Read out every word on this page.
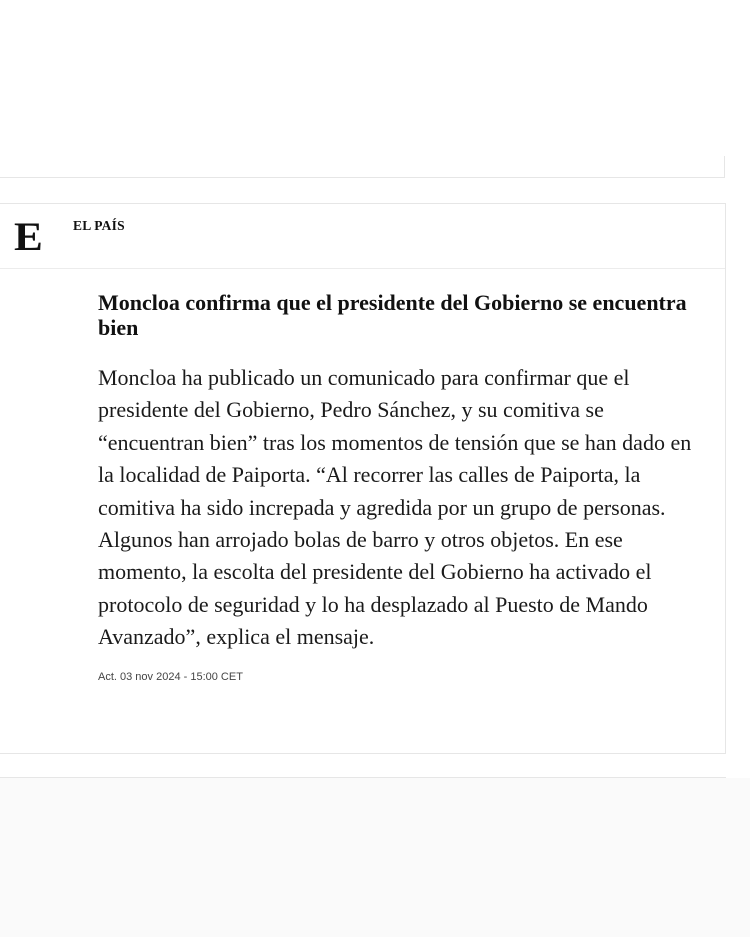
E	EL PAÍS
Moncloa confirma que el presidente del Gobierno se encuentra bien

Moncloa ha publicado un comunicado para confirmar que el presidente del Gobierno, Pedro Sánchez, y su comitiva se “encuentran bien” tras los momentos de tensión que se han dado en la localidad de Paiporta. “Al recorrer las calles de Paiporta, la comitiva ha sido increpada y agredida por un grupo de personas. Algunos han arrojado bolas de barro y otros objetos. En ese momento, la escolta del presidente del Gobierno ha activado el protocolo de seguridad y lo ha desplazado al Puesto de Mando Avanzado”, explica el mensaje.

Act. 03 nov 2024 - 15:00 CET
